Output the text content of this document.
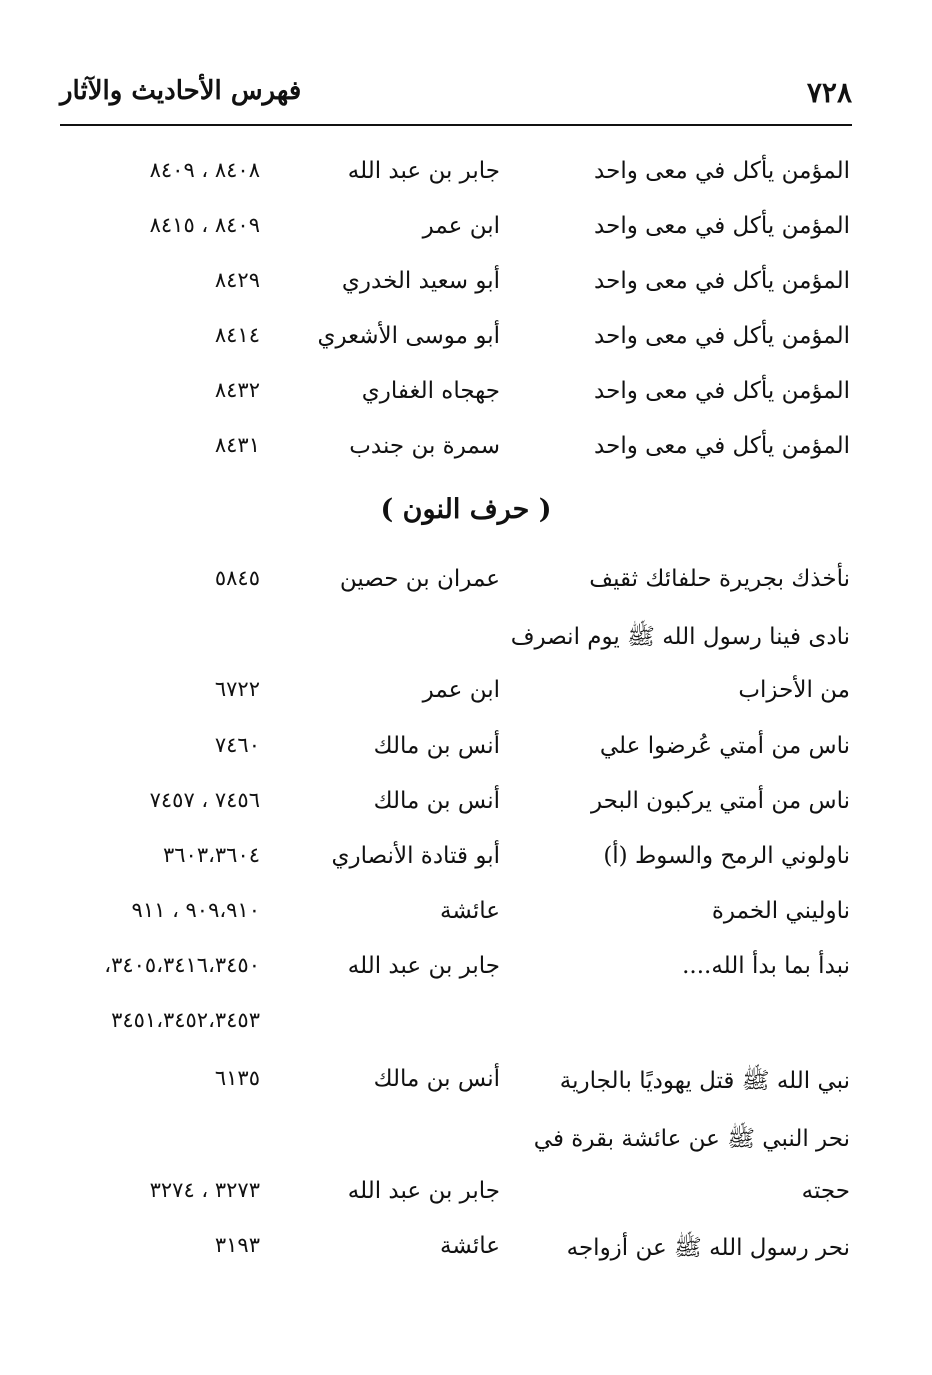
٧٢٨
فهرس الأحاديث والآثار
المؤمن يأكل في معى واحد
جابر بن عبد الله
٨٤٠٨ ، ٨٤٠٩
المؤمن يأكل في معى واحد
ابن عمر
٨٤٠٩ ، ٨٤١٥
المؤمن يأكل في معى واحد
أبو سعيد الخدري
٨٤٢٩
المؤمن يأكل في معى واحد
أبو موسى الأشعري
٨٤١٤
المؤمن يأكل في معى واحد
جهجاه الغفاري
٨٤٣٢
المؤمن يأكل في معى واحد
سمرة بن جندب
٨٤٣١
( حرف النون )
نأخذك بجريرة حلفائك ثقيف
عمران بن حصين
٥٨٤٥
نادى فينا رسول الله ﷺ يوم انصرف
من الأحزاب
ابن عمر
٦٧٢٢
ناس من أمتي عُرضوا علي
أنس بن مالك
٧٤٦٠
ناس من أمتي يركبون البحر
أنس بن مالك
٧٤٥٦ ، ٧٤٥٧
ناولوني الرمح والسوط (أ)
أبو قتادة الأنصاري
٣٦٠٣،٣٦٠٤
ناوليني الخمرة
عائشة
٩٠٩،٩١٠ ، ٩١١
نبدأ بما بدأ الله....
جابر بن عبد الله
٣٤٠٥،٣٤١٦،٣٤٥٠،
٣٤٥١،٣٤٥٢،٣٤٥٣
نبي الله ﷺ قتل يهوديًا بالجارية
أنس بن مالك
٦١٣٥
نحر النبي ﷺ عن عائشة بقرة في
حجته
جابر بن عبد الله
٣٢٧٣ ، ٣٢٧٤
نحر رسول الله ﷺ عن أزواجه
عائشة
٣١٩٣
